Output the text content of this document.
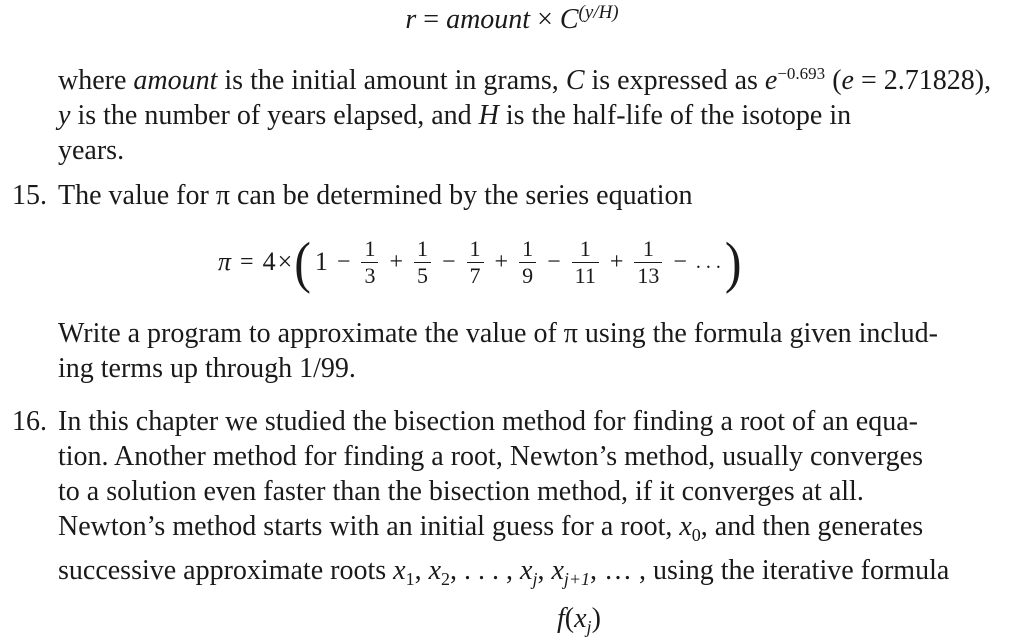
r = amount × $C^{(y/H)}$
where amount is the initial amount in grams, C is expressed as $e^{-0.693}$ (e = 2.71828),
y is the number of years elapsed, and H is the half-life of the isotope in
years.
15. The value for π can be determined by the series equation
π = 4 × ( $1 - \frac{1}{3} + \frac{1}{5} - \frac{1}{7} + \frac{1}{9} - \frac{1}{11} + \frac{1}{13}$ − . . . )
Write a program to approximate the value of π using the formula given includ-
ing terms up through 1/99.
16. In this chapter we studied the bisection method for finding a root of an equa-
tion. Another method for finding a root, Newton’s method, usually converges
to a solution even faster than the bisection method, if it converges at all.
Newton’s method starts with an initial guess for a root, $x_0$, and then generates
successive approximate roots $x_1$, $x_2$, . . . , $x_j$, $x_{j+1}$, … , using the iterative formula
$f(x_j)$
